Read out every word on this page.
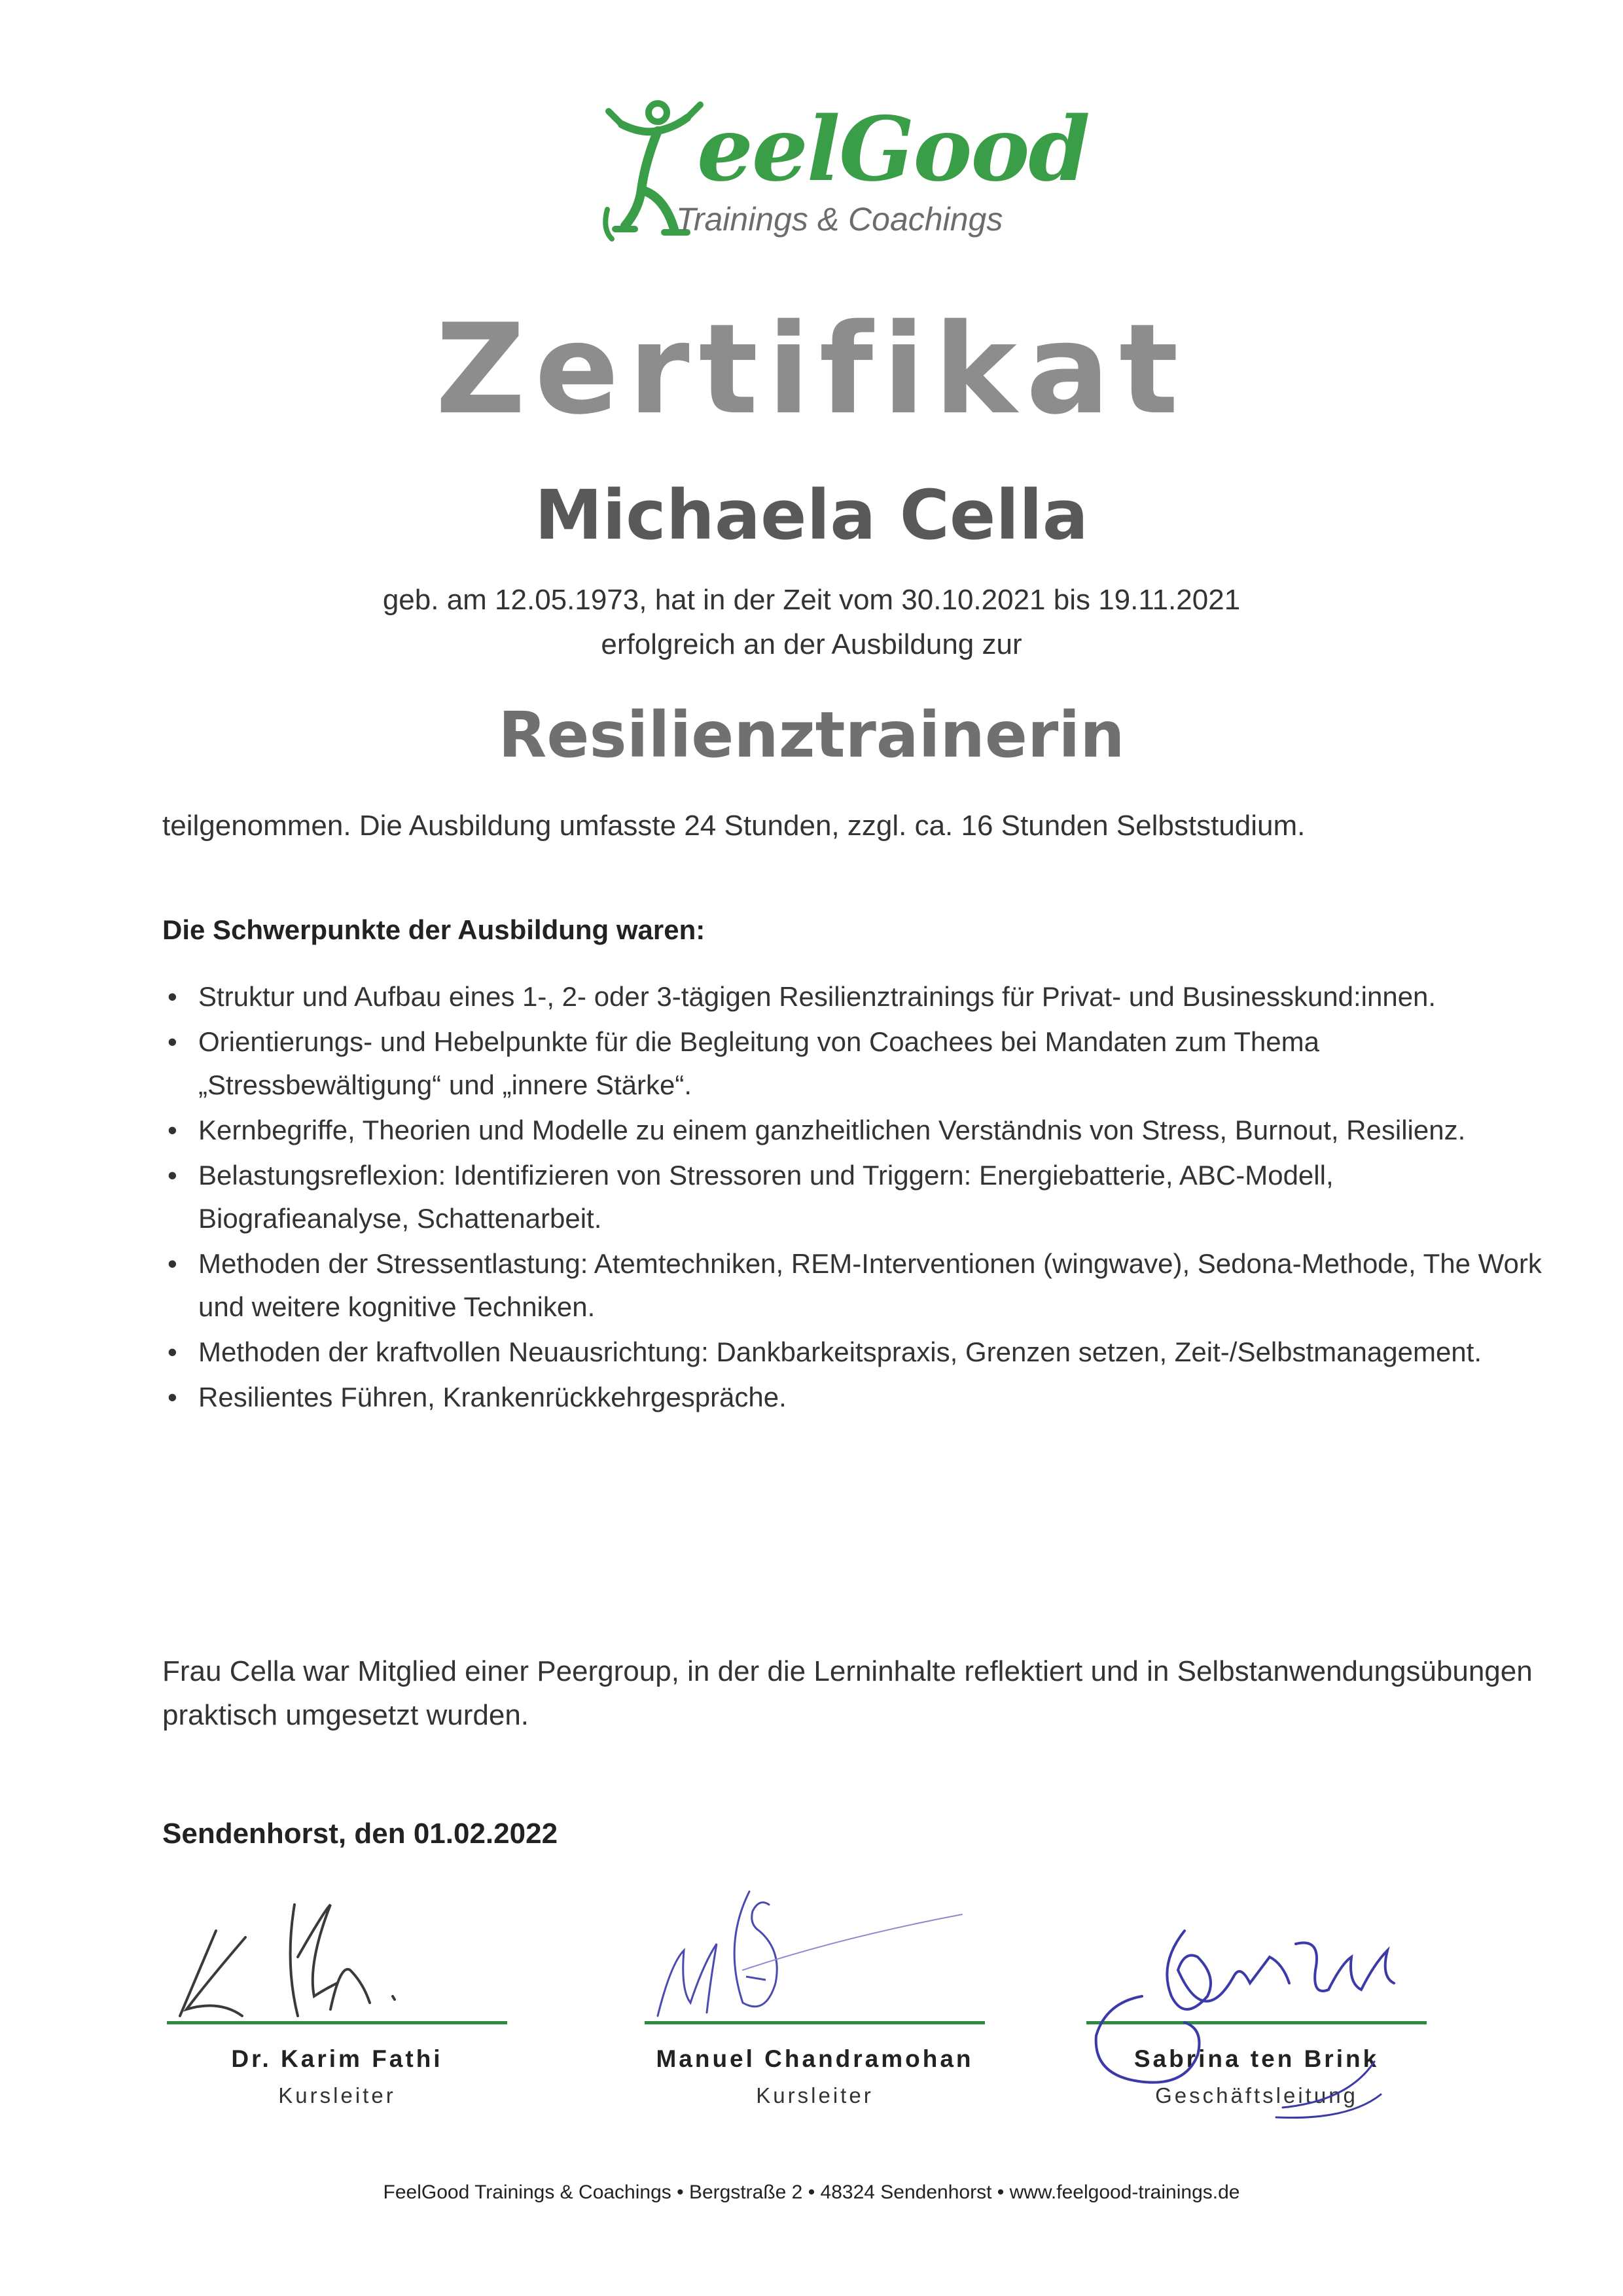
eelGood
Trainings & Coachings
Zertifikat
Michaela Cella
geb. am 12.05.1973, hat in der Zeit vom 30.10.2021 bis 19.11.2021
erfolgreich an der Ausbildung zur
Resilienztrainerin
teilgenommen. Die Ausbildung umfasste 24 Stunden, zzgl. ca. 16 Stunden Selbststudium.
Die Schwerpunkte der Ausbildung waren:
• Struktur und Aufbau eines 1-, 2- oder 3-tägigen Resilienztrainings für Privat- und Businesskund:innen.
• Orientierungs- und Hebelpunkte für die Begleitung von Coachees bei Mandaten zum Thema „Stressbewältigung“ und „innere Stärke“.
• Kernbegriffe, Theorien und Modelle zu einem ganzheitlichen Verständnis von Stress, Burnout, Resilienz.
• Belastungsreflexion: Identifizieren von Stressoren und Triggern: Energiebatterie, ABC-Modell, Biografieanalyse, Schattenarbeit.
• Methoden der Stressentlastung: Atemtechniken, REM-Interventionen (wingwave), Sedona-Methode, The Work und weitere kognitive Techniken.
• Methoden der kraftvollen Neuausrichtung: Dankbarkeitspraxis, Grenzen setzen, Zeit-/Selbstmanagement.
• Resilientes Führen, Krankenrückkehrgespräche.
Frau Cella war Mitglied einer Peergroup, in der die Lerninhalte reflektiert und in Selbstanwendungsübungen praktisch umgesetzt wurden.
Sendenhorst, den 01.02.2022
Dr. Karim Fathi
Kursleiter
Manuel Chandramohan
Kursleiter
Sabrina ten Brink
Geschäftsleitung
FeelGood Trainings & Coachings • Bergstraße 2 • 48324 Sendenhorst • www.feelgood-trainings.de
